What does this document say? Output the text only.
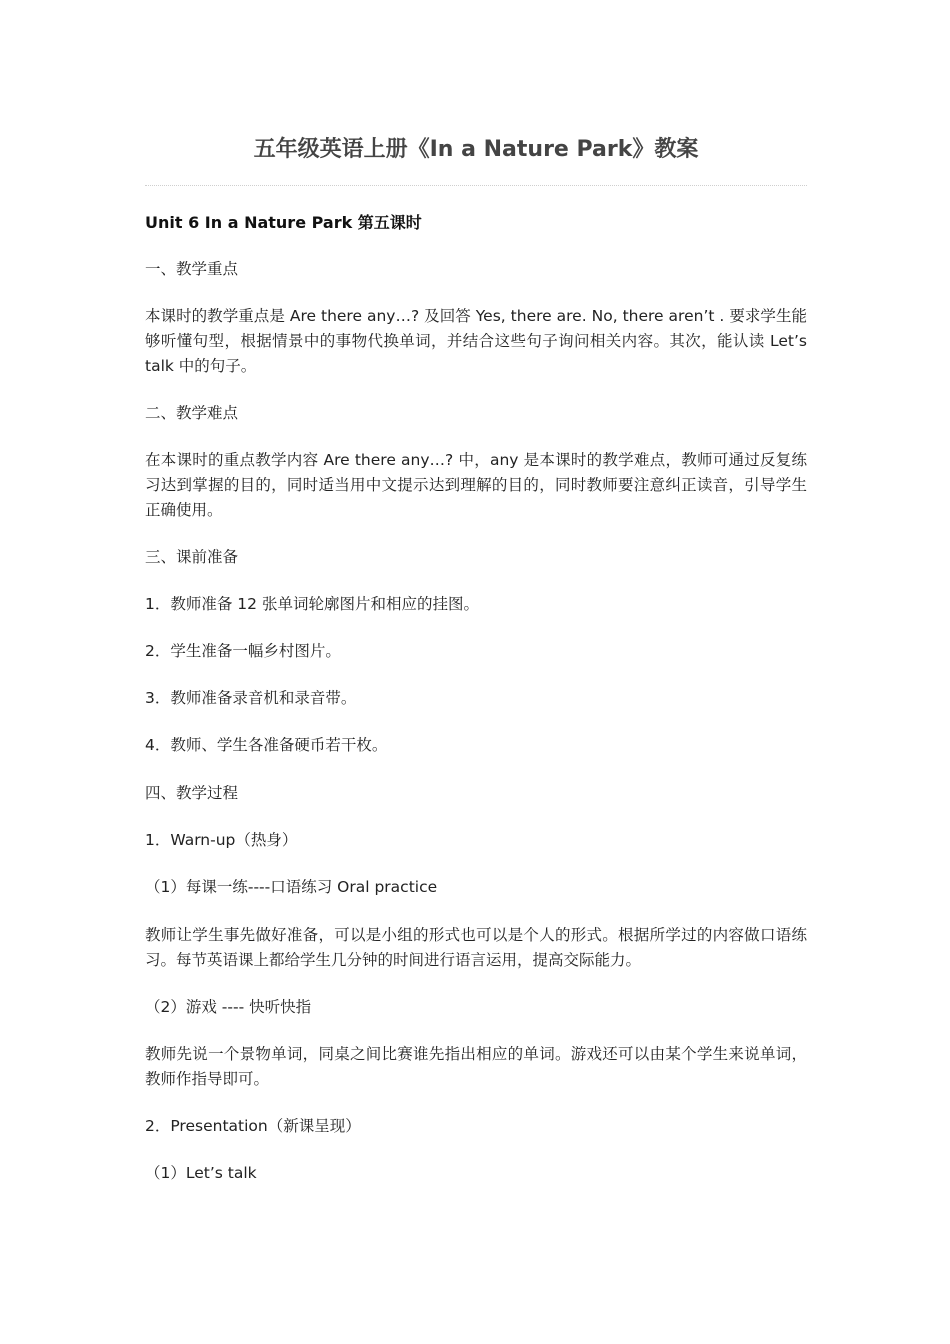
五年级英语上册《In a Nature Park》教案
Unit 6 In a Nature Park 第五课时
一、教学重点
本课时的教学重点是 Are there any…? 及回答 Yes, there are. No, there aren’t . 要求学生能够听懂句型，根据情景中的事物代换单词，并结合这些句子询问相关内容。其次，能认读 Let’s talk 中的句子。
二、教学难点
在本课时的重点教学内容 Are there any…? 中，any 是本课时的教学难点，教师可通过反复练习达到掌握的目的，同时适当用中文提示达到理解的目的，同时教师要注意纠正读音，引导学生正确使用。
三、课前准备
1．教师准备 12 张单词轮廓图片和相应的挂图。
2．学生准备一幅乡村图片。
3．教师准备录音机和录音带。
4．教师、学生各准备硬币若干枚。
四、教学过程
1．Warn-up（热身）
（1）每课一练----口语练习 Oral practice
教师让学生事先做好准备，可以是小组的形式也可以是个人的形式。根据所学过的内容做口语练习。每节英语课上都给学生几分钟的时间进行语言运用，提高交际能力。
（2）游戏 ---- 快听快指
教师先说一个景物单词，同桌之间比赛谁先指出相应的单词。游戏还可以由某个学生来说单词，教师作指导即可。
2．Presentation（新课呈现）
（1）Let’s talk
